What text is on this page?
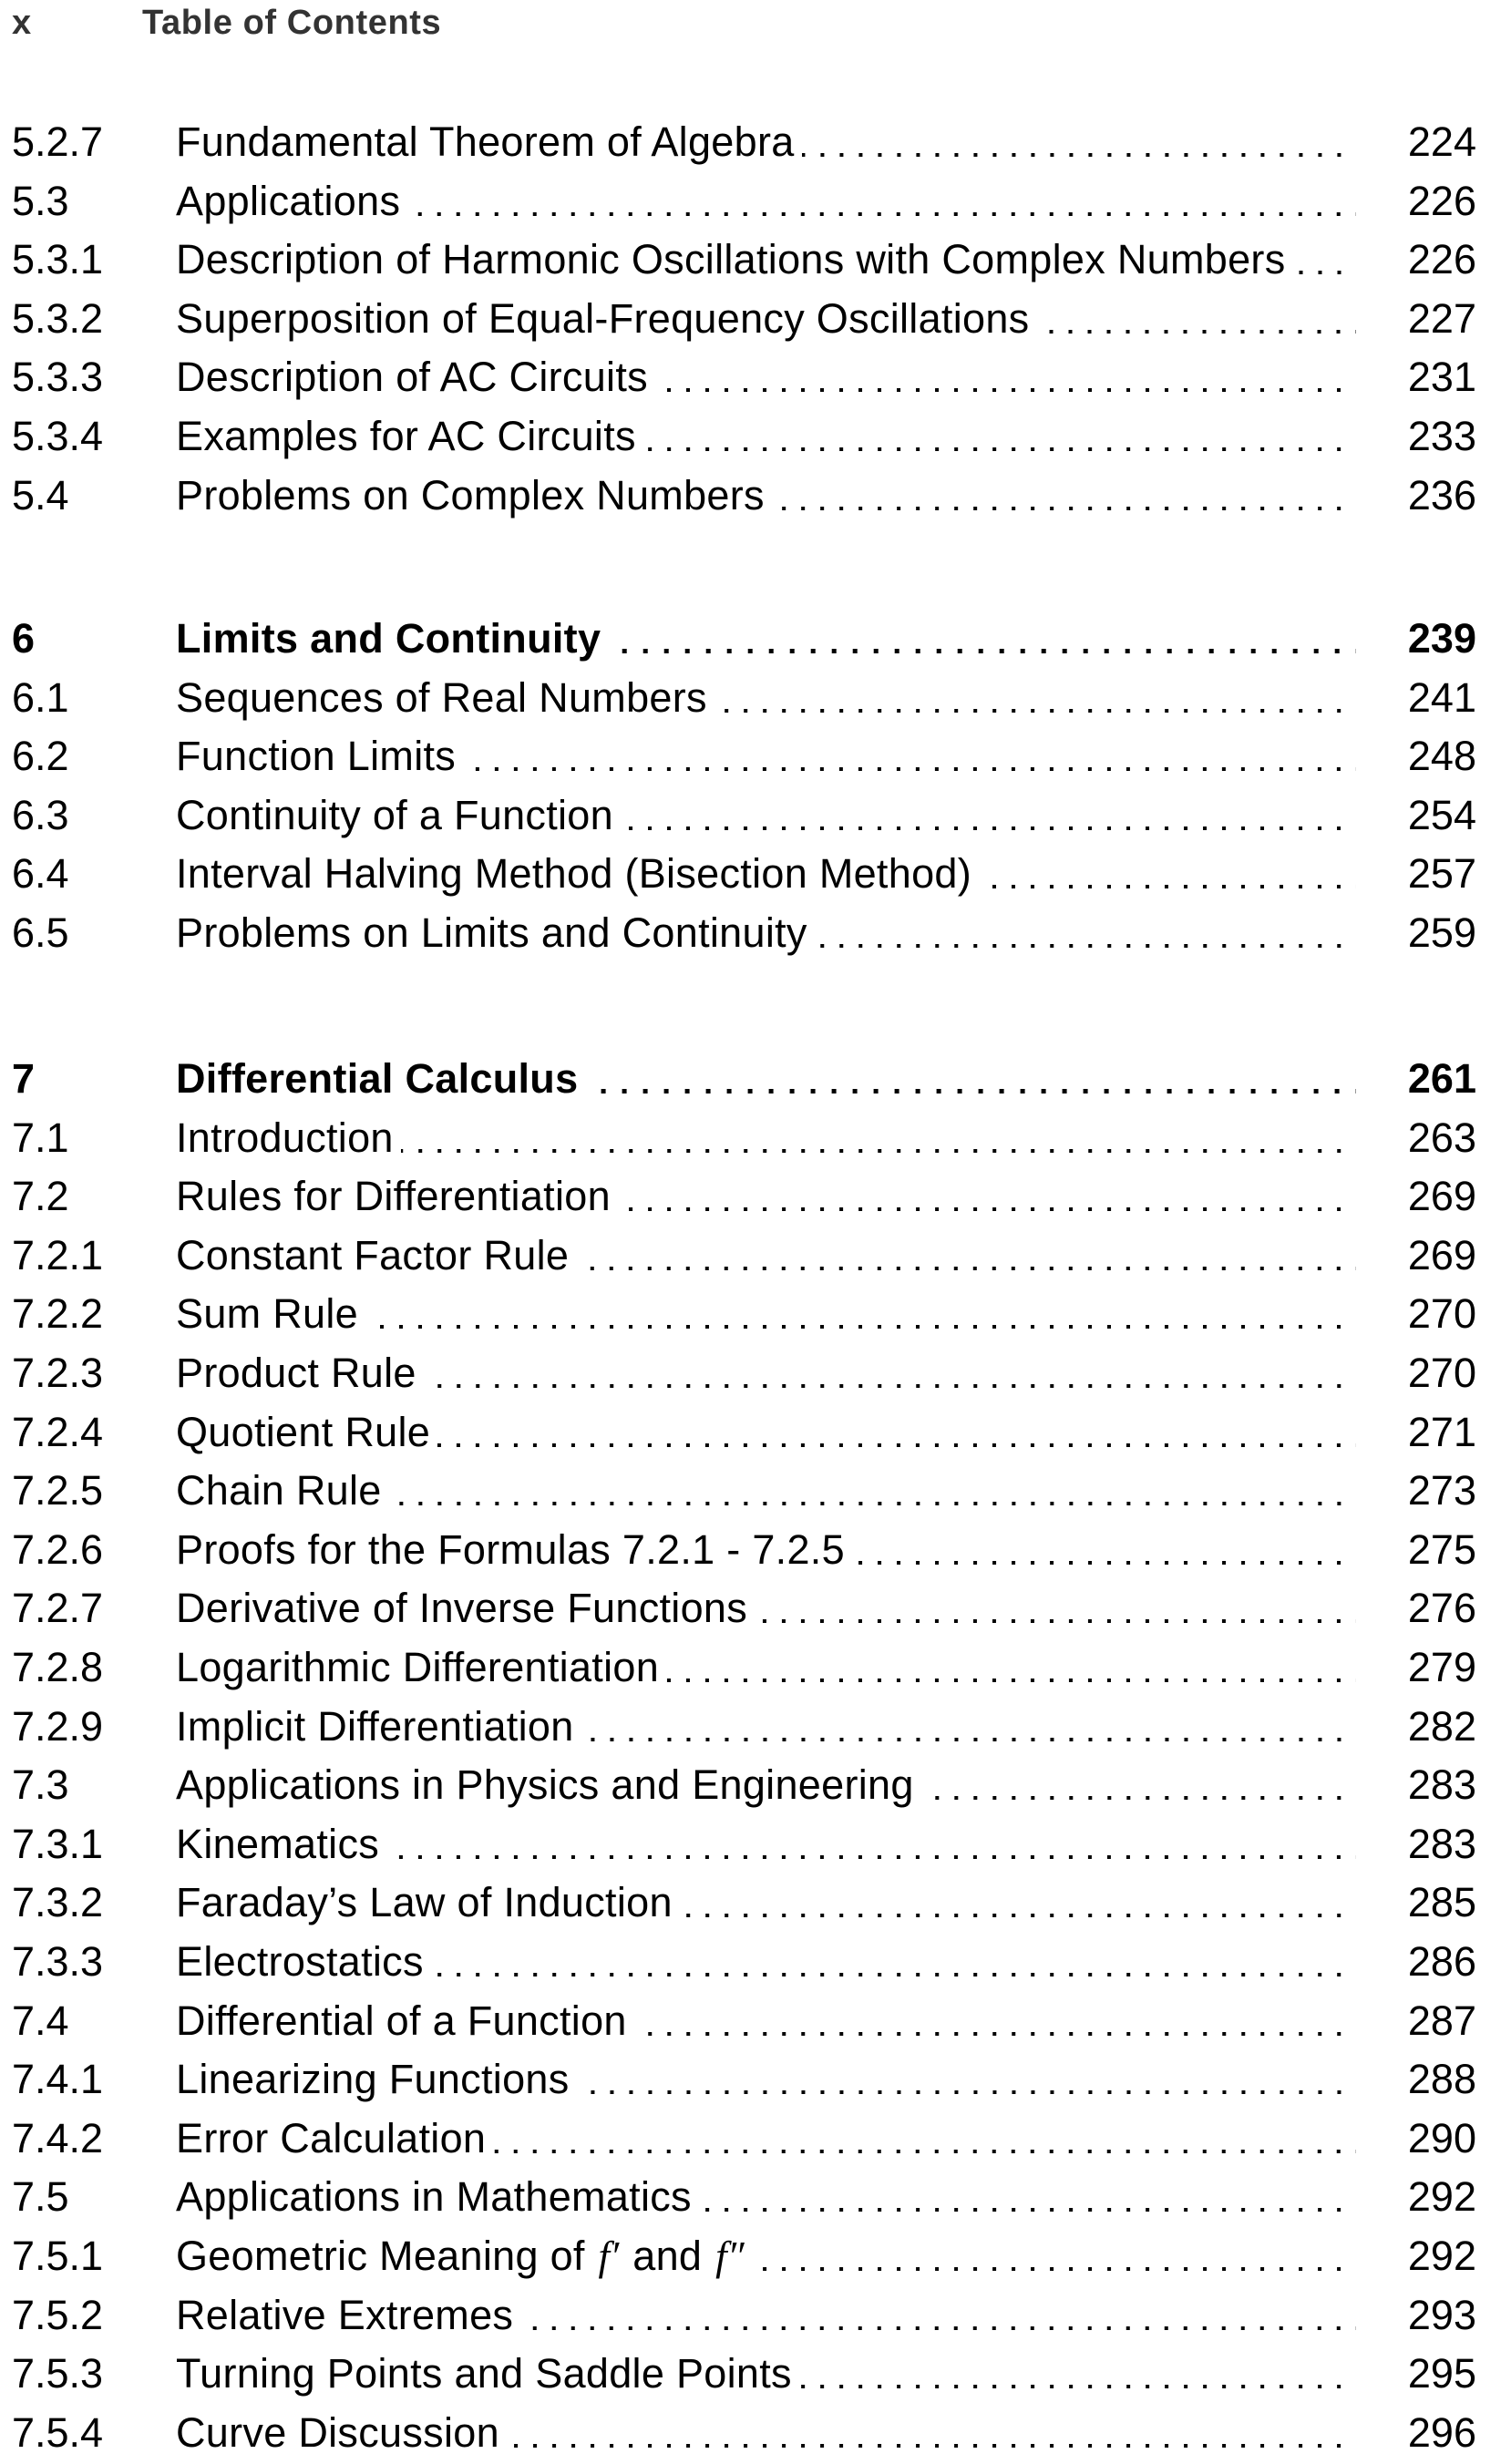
x	Table of Contents
5.2.7	Fundamental Theorem of Algebra	224
5.3	Applications	226
5.3.1	Description of Harmonic Oscillations with Complex Numbers	226
5.3.2	Superposition of Equal-Frequency Oscillations	227
5.3.3	Description of AC Circuits	231
5.3.4	Examples for AC Circuits	233
5.4	Problems on Complex Numbers	236
6	Limits and Continuity	239
6.1	Sequences of Real Numbers	241
6.2	Function Limits	248
6.3	Continuity of a Function	254
6.4	Interval Halving Method (Bisection Method)	257
6.5	Problems on Limits and Continuity	259
7	Differential Calculus	261
7.1	Introduction	263
7.2	Rules for Differentiation	269
7.2.1	Constant Factor Rule	269
7.2.2	Sum Rule	270
7.2.3	Product Rule	270
7.2.4	Quotient Rule	271
7.2.5	Chain Rule	273
7.2.6	Proofs for the Formulas 7.2.1 - 7.2.5	275
7.2.7	Derivative of Inverse Functions	276
7.2.8	Logarithmic Differentiation	279
7.2.9	Implicit Differentiation	282
7.3	Applications in Physics and Engineering	283
7.3.1	Kinematics	283
7.3.2	Faraday’s Law of Induction	285
7.3.3	Electrostatics	286
7.4	Differential of a Function	287
7.4.1	Linearizing Functions	288
7.4.2	Error Calculation	290
7.5	Applications in Mathematics	292
7.5.1	Geometric Meaning of f′ and f″	292
7.5.2	Relative Extremes	293
7.5.3	Turning Points and Saddle Points	295
7.5.4	Curve Discussion	296
